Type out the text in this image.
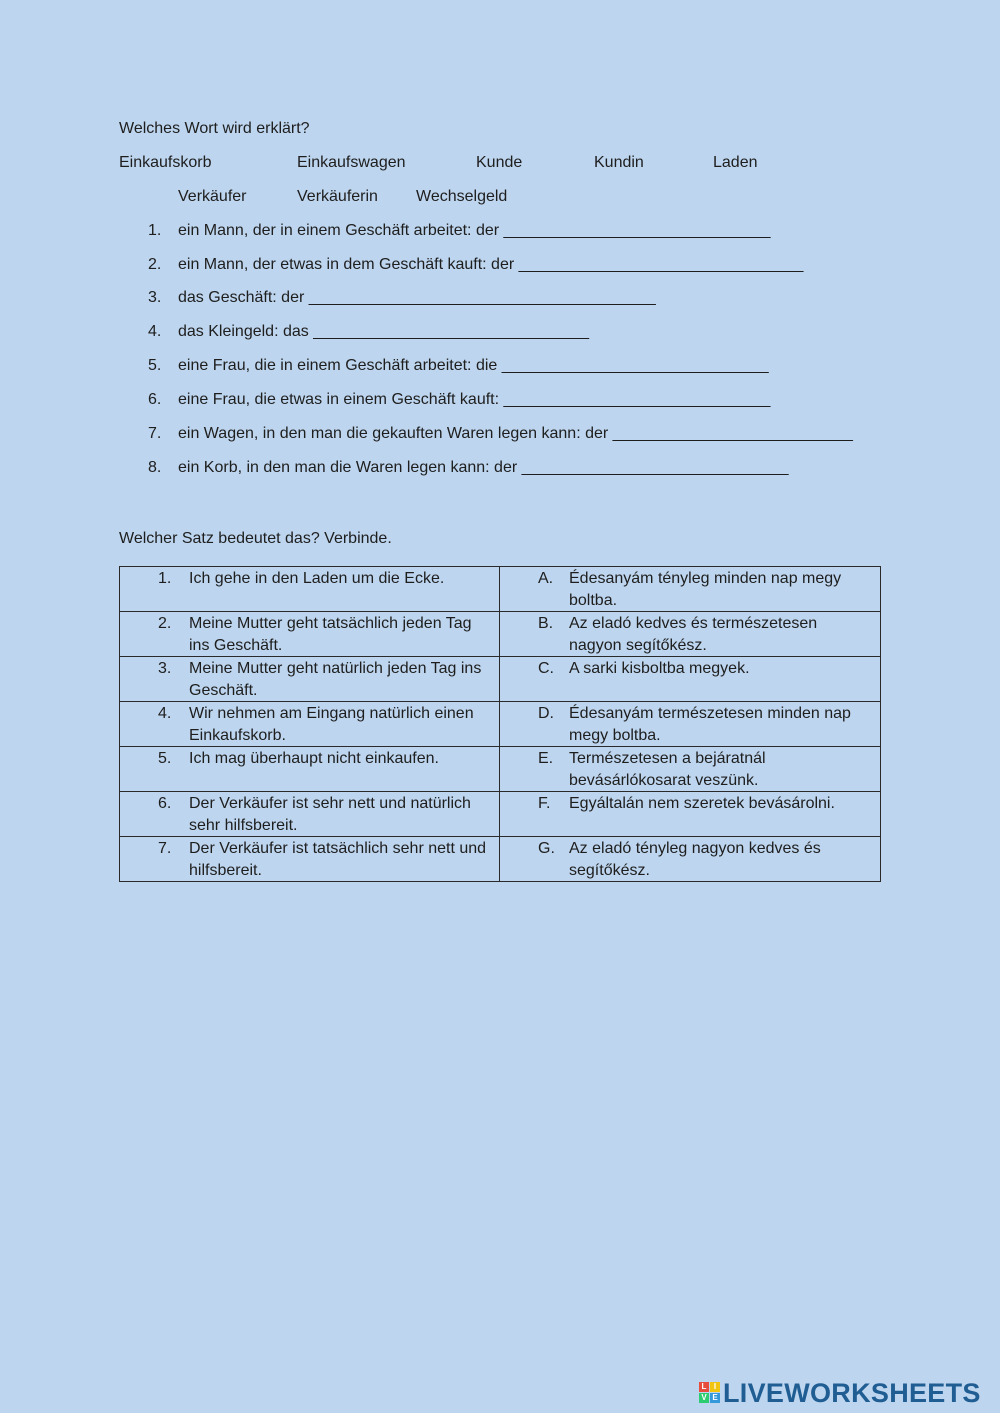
Welches Wort wird erklärt?
Einkaufskorb	Einkaufswagen	Kunde	Kundin	Laden
Verkäufer	Verkäuferin Wechselgeld
1. ein Mann, der in einem Geschäft arbeitet: der ______________________________
2. ein Mann, der etwas in dem Geschäft kauft: der ________________________________
3. das Geschäft: der _______________________________________
4. das Kleingeld: das _______________________________
5. eine Frau, die in einem Geschäft arbeitet: die ______________________________
6. eine Frau, die etwas in einem Geschäft kauft: ______________________________
7. ein Wagen, in den man die gekauften Waren legen kann: der ___________________________
8. ein Korb, in den man die Waren legen kann: der ______________________________
Welcher Satz bedeutet das? Verbinde.
1. Ich gehe in den Laden um die Ecke.	A. Édesanyám tényleg minden nap megy boltba.

2. Meine Mutter geht tatsächlich jeden Tag ins Geschäft.	B. Az eladó kedves és természetesen nagyon segítőkész.

3. Meine Mutter geht natürlich jeden Tag ins Geschäft.	C. A sarki kisboltba megyek.

4. Wir nehmen am Eingang natürlich einen Einkaufskorb.	D. Édesanyám természetesen minden nap megy boltba.

5. Ich mag überhaupt nicht einkaufen.	E. Természetesen a bejáratnál bevásárlókosarat veszünk.

6. Der Verkäufer ist sehr nett und natürlich sehr hilfsbereit.	F. Egyáltalán nem szeretek bevásárolni.

7. Der Verkäufer ist tatsächlich sehr nett und hilfsbereit.	G. Az eladó tényleg nagyon kedves és segítőkész.
L I
V E LIVEWORKSHEETS
